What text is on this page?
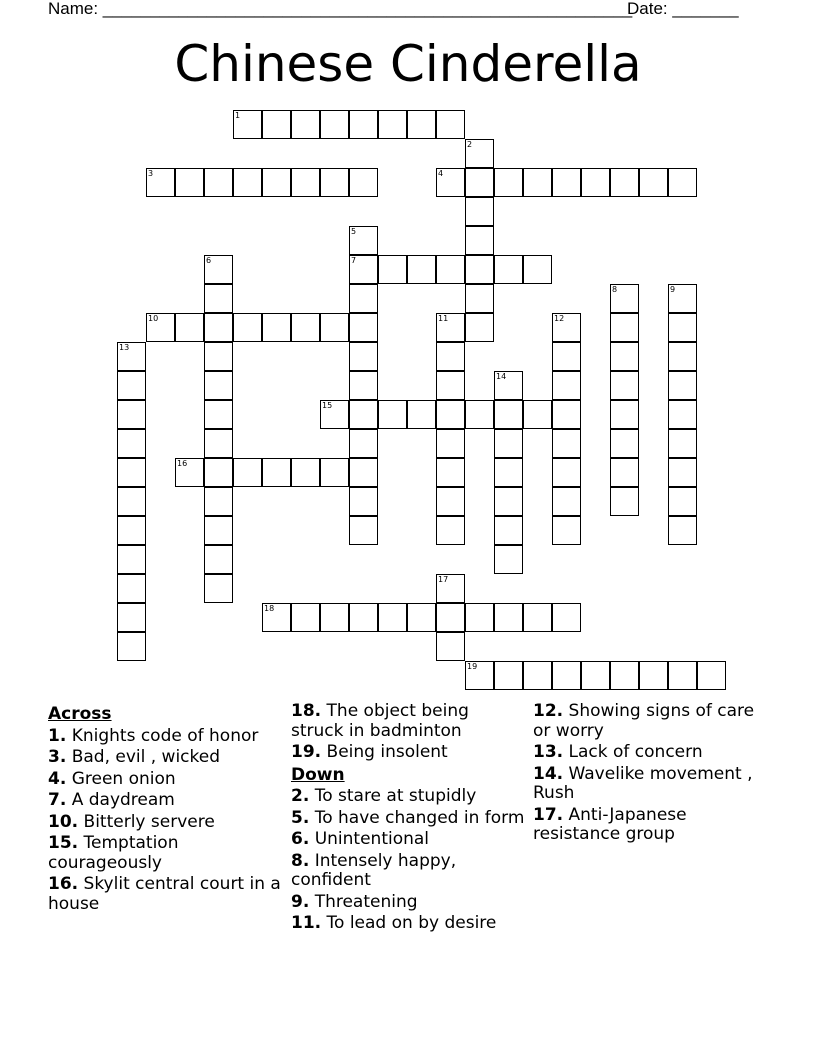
Name: ________________________________________________________
Date: _______
Chinese Cinderella
1
2
3	4
5
7
6
8	9
10	11	12
13
14
15
16
17
18
19
Across
1. Knights code of honor
3. Bad, evil , wicked
4. Green onion
7. A daydream
10. Bitterly servere
15. Temptation courageously
16. Skylit central court in a house
18. The object being struck in badminton
19. Being insolent
Down
2. To stare at stupidly
5. To have changed in form
6. Unintentional
8. Intensely happy, confident
9. Threatening
11. To lead on by desire
12. Showing signs of care or worry
13. Lack of concern
14. Wavelike movement , Rush
17. Anti-Japanese resistance group
